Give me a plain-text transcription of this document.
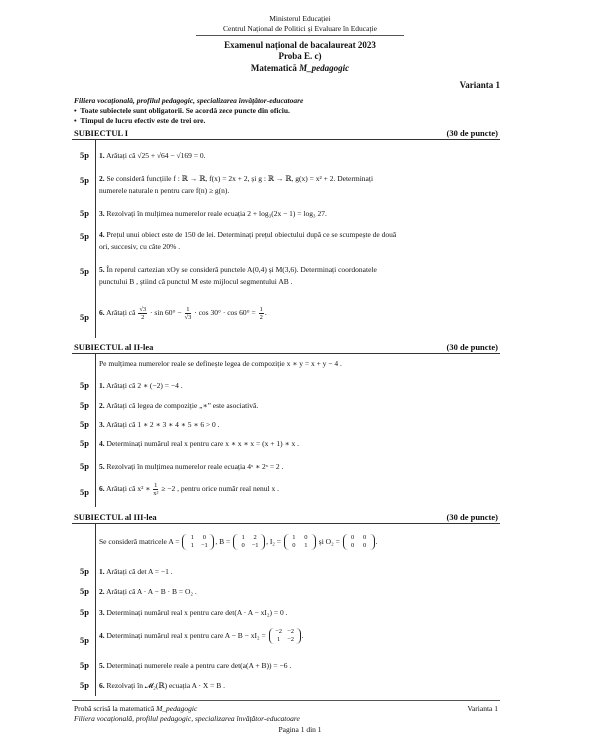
Ministerul Educației
Centrul Național de Politici și Evaluare în Educație
Examenul național de bacalaureat 2023
Proba E. c)
Matematică M_pedagogic
Varianta 1
Filiera vocațională, profilul pedagogic, specializarea învățător-educatoare
•  Toate subiectele sunt obligatorii. Se acordă zece puncte din oficiu.
•  Timpul de lucru efectiv este de trei ore.
SUBIECTUL I	(30 de puncte)
5p	1. Arătați că √25 + √64 − √169 = 0.
5p	2. Se consideră funcțiile f : ℝ → ℝ, f(x) = 2x + 2, și g : ℝ → ℝ, g(x) = x² + 2. Determinați
numerele naturale n pentru care f(n) ≥ g(n).
5p	3. Rezolvați în mulțimea numerelor reale ecuația 2 + log₃(2x − 1) = log₃ 27.
5p	4. Prețul unui obiect este de 150 de lei. Determinați prețul obiectului după ce se scumpește de două
ori, succesiv, cu câte 20% .
5p	5. În reperul cartezian xOy se consideră punctele A(0,4) și M(3,6). Determinați coordonatele
punctului B , știind că punctul M este mijlocul segmentului AB .
5p	6. Arătați că $\frac{√3}{2} \cdot \sin 60^\circ - \frac{1}{√3} \cdot \cos 30^\circ \cdot \cos 60^\circ = \frac{1}{2}$ .
SUBIECTUL al II-lea	(30 de puncte)
Pe mulțimea numerelor reale se definește legea de compoziție x ∗ y = x + y − 4 .
5p	1. Arătați că 2 ∗ (−2) = −4 .
5p	2. Arătați că legea de compoziție „∗” este asociativă.
5p	3. Arătați că 1 ∗ 2 ∗ 3 ∗ 4 ∗ 5 ∗ 6 > 0 .
5p	4. Determinați numărul real x pentru care x ∗ x ∗ x = (x + 1) ∗ x .
5p	5. Rezolvați în mulțimea numerelor reale ecuația 4ˣ ∗ 2ˣ = 2 .
5p	6. Arătați că x² ∗ $\frac{1}{\text{x²}} \ge -2$ , pentru orice număr real nenul x .
SUBIECTUL al III-lea	(30 de puncte)
Se consideră matricele A =	1 0
1 −1	, B =	1 2
0 −1	, I₂ =	1 0
0 1	și O₂ =	0 0
0 0	.
5p	1. Arătați că det A = −1 .
5p	2. Arătați că A · A − B · B = O₂ .
5p	3. Determinați numărul real x pentru care det(A · A − xI₂) = 0 .
5p	4. Determinați numărul real x pentru care A − B − xI₂ =	−2 −2
1 −2	.
5p	5. Determinați numerele reale a pentru care det(a(A + B)) = −6 .
5p	6. Rezolvați în 𝓜₂(ℝ) ecuația A · X = B .
Probă scrisă la matematică M_pedagogic	Varianta 1
Filiera vocațională, profilul pedagogic, specializarea învățător-educatoare
Pagina 1 din 1
